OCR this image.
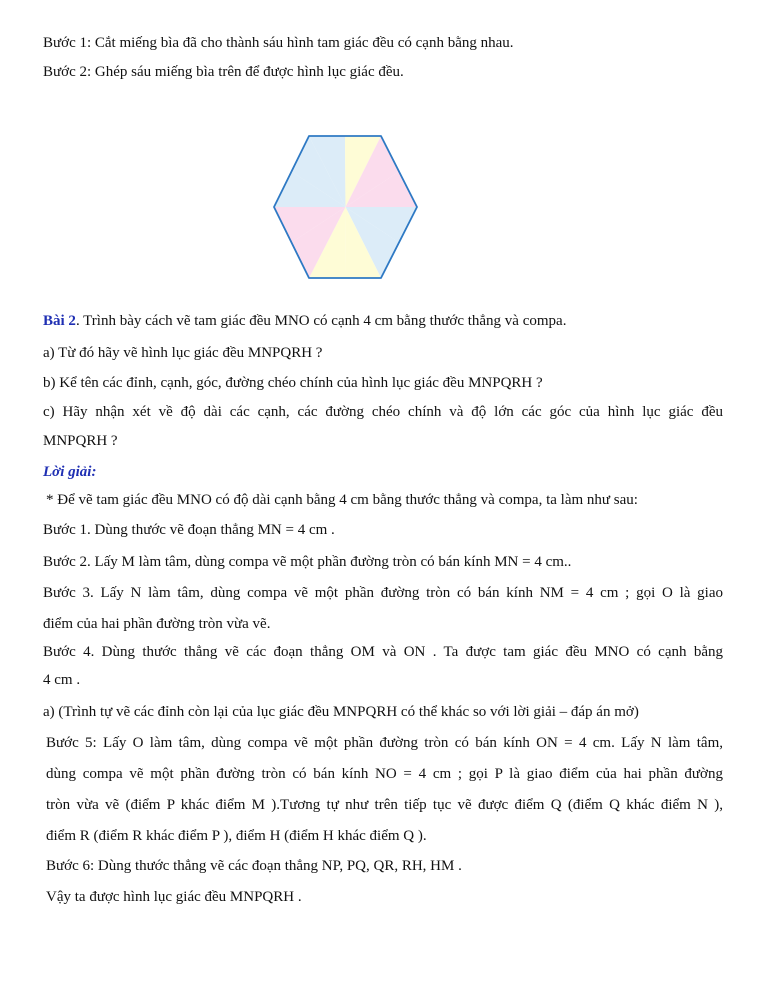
Bước 1: Cắt miếng bìa đã cho thành sáu hình tam giác đều có cạnh bằng nhau.
Bước 2: Ghép sáu miếng bìa trên để được hình lục giác đều.
Bài 2. Trình bày cách vẽ tam giác đều MNO có cạnh 4 cm bằng thước thẳng và compa.
a) Từ đó hãy vẽ hình lục giác đều MNPQRH ?
b) Kể tên các đỉnh, cạnh, góc, đường chéo chính của hình lục giác đều MNPQRH ?
c) Hãy nhận xét về độ dài các cạnh, các đường chéo chính và độ lớn các góc của hình lục giác đều
MNPQRH ?
Lời giải:
* Để vẽ tam giác đều MNO có độ dài cạnh bằng 4 cm bằng thước thẳng và compa, ta làm như sau:
Bước 1. Dùng thước vẽ đoạn thẳng MN = 4 cm .
Bước 2. Lấy M làm tâm, dùng compa vẽ một phần đường tròn có bán kính MN = 4 cm..
Bước 3. Lấy N làm tâm, dùng compa vẽ một phần đường tròn có bán kính NM = 4 cm ; gọi O là giao
điểm của hai phần đường tròn vừa vẽ.
Bước 4. Dùng thước thẳng vẽ các đoạn thẳng OM và ON . Ta được tam giác đều MNO có cạnh bằng
4 cm .
a) (Trình tự vẽ các đỉnh còn lại của lục giác đều MNPQRH có thể khác so với lời giải – đáp án mở)
Bước 5: Lấy O làm tâm, dùng compa vẽ một phần đường tròn có bán kính ON = 4 cm. Lấy N làm tâm,
dùng compa vẽ một phần đường tròn có bán kính NO = 4 cm ; gọi P là giao điểm của hai phần đường
tròn vừa vẽ (điểm P khác điểm M ).Tương tự như trên tiếp tục vẽ được điểm Q (điểm Q khác điểm N ),
điểm R (điểm R khác điểm P ), điểm H (điểm H khác điểm Q ).
Bước 6: Dùng thước thẳng vẽ các đoạn thẳng NP, PQ, QR, RH, HM .
Vậy ta được hình lục giác đều MNPQRH .
